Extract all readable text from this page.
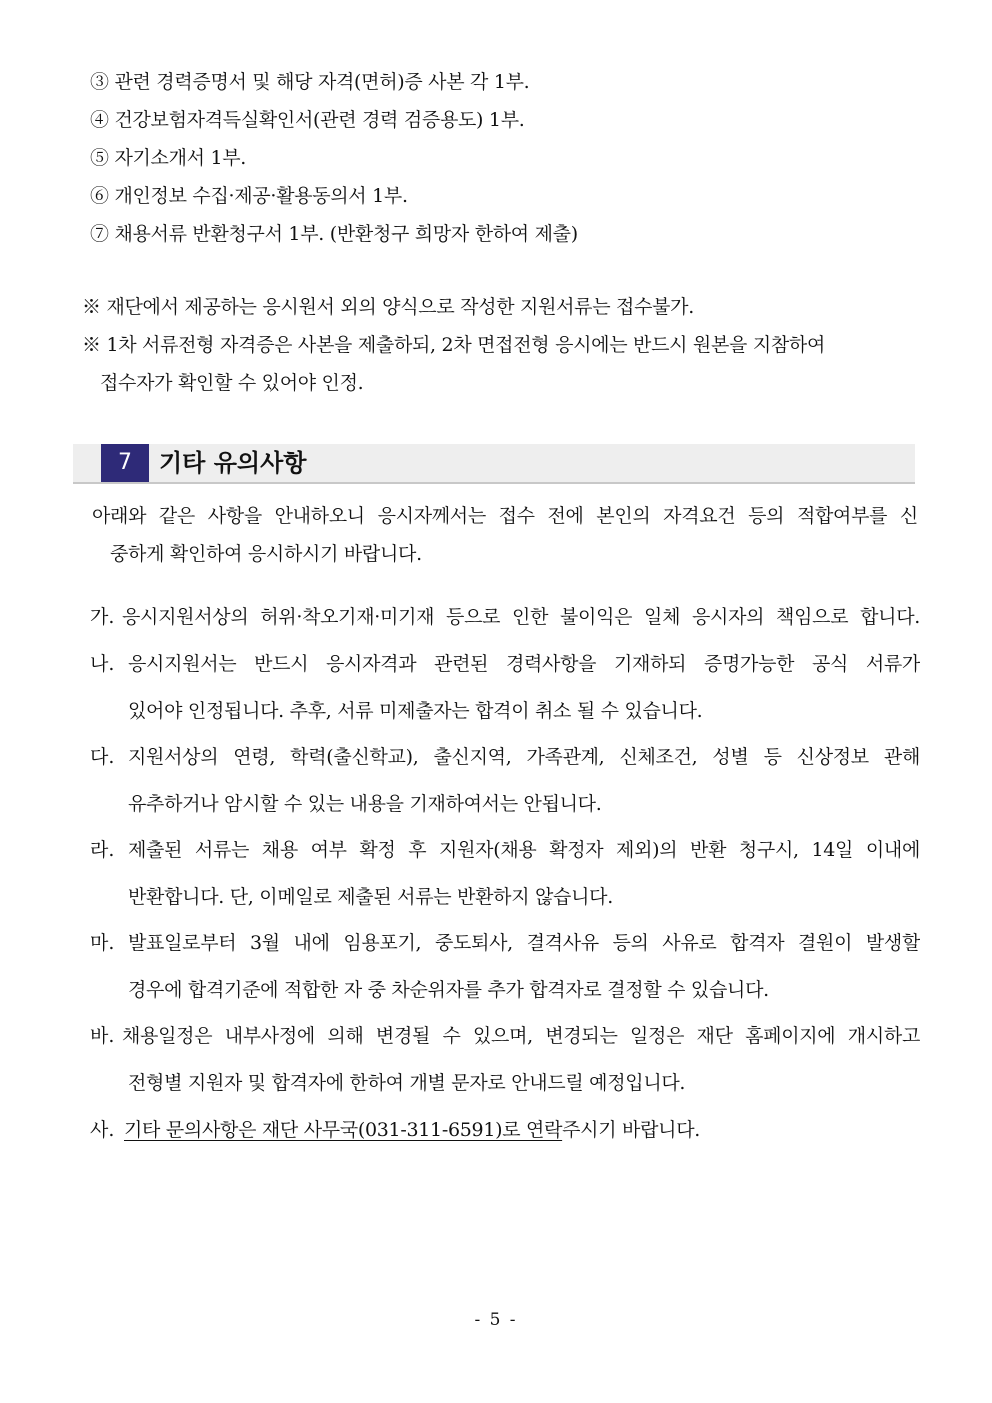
③ 관련 경력증명서 및 해당 자격(면허)증 사본 각 1부.
④ 건강보험자격득실확인서(관련 경력 검증용도) 1부.
⑤ 자기소개서 1부.
⑥ 개인정보 수집·제공·활용동의서 1부.
⑦ 채용서류 반환청구서 1부. (반환청구 희망자 한하여 제출)
※ 재단에서 제공하는 응시원서 외의 양식으로 작성한 지원서류는 접수불가.
※ 1차 서류전형 자격증은 사본을 제출하되, 2차 면접전형 응시에는 반드시 원본을 지참하여
접수자가 확인할 수 있어야 인정.
7	기타 유의사항
아래와 같은 사항을 안내하오니 응시자께서는 접수 전에 본인의 자격요건 등의 적합여부를 신
중하게 확인하여 응시하시기 바랍니다.
가. 응시지원서상의 허위·착오기재·미기재 등으로 인한 불이익은 일체 응시자의 책임으로 합니다.
나. 응시지원서는 반드시 응시자격과 관련된 경력사항을 기재하되 증명가능한 공식 서류가
있어야 인정됩니다. 추후, 서류 미제출자는 합격이 취소 될 수 있습니다.
다. 지원서상의 연령, 학력(출신학교), 출신지역, 가족관계, 신체조건, 성별 등 신상정보 관해
유추하거나 암시할 수 있는 내용을 기재하여서는 안됩니다.
라. 제출된 서류는 채용 여부 확정 후 지원자(채용 확정자 제외)의 반환 청구시, 14일 이내에
반환합니다. 단, 이메일로 제출된 서류는 반환하지 않습니다.
마. 발표일로부터 3월 내에 임용포기, 중도퇴사, 결격사유 등의 사유로 합격자 결원이 발생할
경우에 합격기준에 적합한 자 중 차순위자를 추가 합격자로 결정할 수 있습니다.
바. 채용일정은 내부사정에 의해 변경될 수 있으며, 변경되는 일정은 재단 홈페이지에 개시하고
전형별 지원자 및 합격자에 한하여 개별 문자로 안내드릴 예정입니다.
사. 기타 문의사항은 재단 사무국(031-311-6591)로 연락주시기 바랍니다.
- 5 -
